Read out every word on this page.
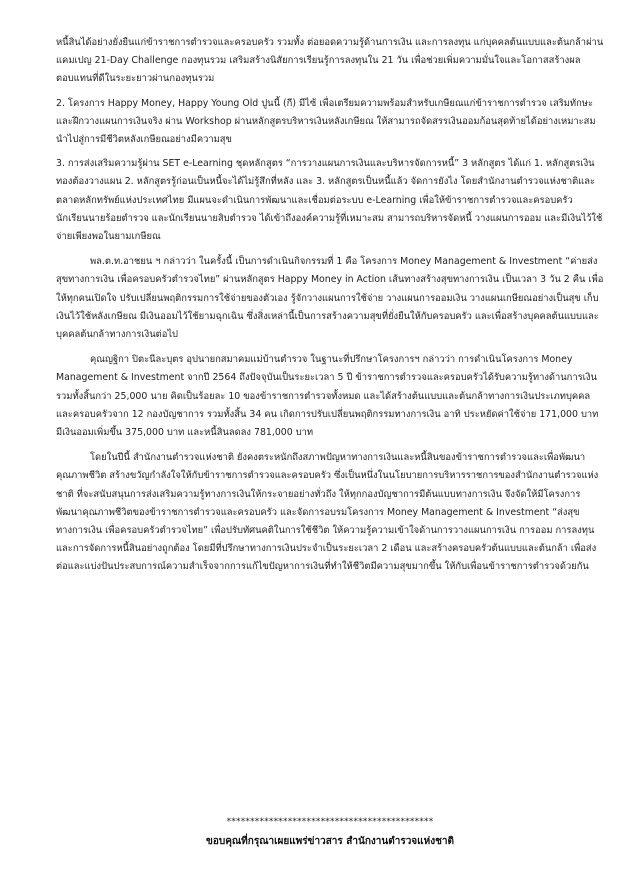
หนี้สินได้อย่างยั่งยืนแก่ข้าราชการตำรวจและครอบครัว รวมทั้ง ต่อยอดความรู้ด้านการเงิน และการลงทุน แก่บุคคลต้นแบบและต้นกล้าผ่านแคมเปญ 21-Day Challenge กองทุนรวม เสริมสร้างนิสัยการเรียนรู้การลงทุนใน 21 วัน เพื่อช่วยเพิ่มความมั่นใจและโอกาสสร้างผลตอบแทนที่ดีในระยะยาวผ่านกองทุนรวม

2. โครงการ Happy Money, Happy Young Old ปูนนี้ (กี) มีไซ้ เพื่อเตรียมความพร้อมสำหรับเกษียณแก่ข้าราชการตำรวจ เสริมทักษะและฝึกวางแผนการเงินจริง ผ่าน Workshop ผ่านหลักสูตรบริหารเงินหลังเกษียณ ให้สามารถจัดสรรเงินออมก้อนสุดท้ายได้อย่างเหมาะสม นำไปสู่การมีชีวิตหลังเกษียณอย่างมีความสุข

3. การส่งเสริมความรู้ผ่าน SET e-Learning ชุดหลักสูตร “การวางแผนการเงินและบริหารจัดการหนี้” 3 หลักสูตร ได้แก่ 1. หลักสูตรเงินทองต้องวางแผน 2. หลักสูตรรู้ก่อนเป็นหนี้จะได้ไม่รู้สึกที่หลัง และ 3. หลักสูตรเป็นหนี้แล้ว จัดการยังไง โดยสำนักงานตำรวจแห่งชาติและตลาดหลักทรัพย์แห่งประเทศไทย มีแผนจะดำเนินการพัฒนาและเชื่อมต่อระบบ e-Learning เพื่อให้ข้าราชการตำรวจและครอบครัว นักเรียนนายร้อยตำรวจ และนักเรียนนายสิบตำรวจ ได้เข้าถึงองค์ความรู้ที่เหมาะสม สามารถบริหารจัดหนี้ วางแผนการออม และมีเงินไว้ใช้จ่ายเพียงพอในยามเกษียณ

พล.ต.ท.อาชยน ฯ กล่าวว่า ในครั้งนี้ เป็นการดำเนินกิจกรรมที่ 1 คือ โครงการ Money Management & Investment “ค่ายส่งสุขทางการเงิน เพื่อครอบครัวตำรวจไทย” ผ่านหลักสูตร Happy Money in Action เส้นทางสร้างสุขทางการเงิน เป็นเวลา 3 วัน 2 คืน เพื่อให้ทุกคนเปิดใจ ปรับเปลี่ยนพฤติกรรมการใช้จ่ายของตัวเอง รู้จักวางแผนการใช้จ่าย วางแผนการออมเงิน วางแผนเกษียณอย่างเป็นสุข เก็บเงินไว้ใช้หลังเกษียณ มีเงินออมไว้ใช้ยามฉุกเฉิน ซึ่งสิ่งเหล่านี้เป็นการสร้างความสุขที่ยั่งยืนให้กับครอบครัว และเพื่อสร้างบุคคลต้นแบบและบุคคลต้นกล้าทางการเงินต่อไป

คุณญฐิกา ปิตะนีละบุตร อุปนายกสมาคมแม่บ้านตำรวจ ในฐานะที่ปรึกษาโครงการฯ กล่าวว่า การดำเนินโครงการ Money Management & Investment จากปี 2564 ถึงปัจจุบันเป็นระยะเวลา 5 ปี ข้าราชการตำรวจและครอบครัวได้รับความรู้ทางด้านการเงินรวมทั้งสิ้นกว่า 25,000 นาย คิดเป็นร้อยละ 10 ของข้าราชการตำรวจทั้งหมด และได้สร้างต้นแบบและต้นกล้าทางการเงินประเภทบุคคลและครอบครัวจาก 12 กองบัญชาการ รวมทั้งสิ้น 34 คน เกิดการปรับเปลี่ยนพฤติกรรมทางการเงิน อาทิ ประหยัดค่าใช้จ่าย 171,000 บาท มีเงินออมเพิ่มขึ้น 375,000 บาท และหนี้สินลดลง 781,000 บาท

โดยในปีนี้ สำนักงานตำรวจแห่งชาติ ยังคงตระหนักถึงสภาพปัญหาทางการเงินและหนี้สินของข้าราชการตำรวจและเพื่อพัฒนาคุณภาพชีวิต สร้างขวัญกำลังใจให้กับข้าราชการตำรวจและครอบครัว ซึ่งเป็นหนึ่งในนโยบายการบริหารราชการของสำนักงานตำรวจแห่งชาติ ที่จะสนับสนุนการส่งเสริมความรู้ทางการเงินให้กระจายอย่างทั่วถึง ให้ทุกกองบัญชาการมีต้นแบบทางการเงิน จึงจัดให้มีโครงการพัฒนาคุณภาพชีวิตของข้าราชการตำรวจและครอบครัว และจัดการอบรมโครงการ Money Management & Investment “ส่งสุขทางการเงิน เพื่อครอบครัวตำรวจไทย” เพื่อปรับทัศนคติในการใช้ชีวิต ให้ความรู้ความเข้าใจด้านการวางแผนการเงิน การออม การลงทุน และการจัดการหนี้สินอย่างถูกต้อง โดยมีที่ปรึกษาทางการเงินประจำเป็นระยะเวลา 2 เดือน และสร้างครอบครัวต้นแบบและต้นกล้า เพื่อส่งต่อและแบ่งปันประสบการณ์ความสำเร็จจากการแก้ไขปัญหาการเงินที่ทำให้ชีวิตมีความสุขมากขึ้น ให้กับเพื่อนข้าราชการตำรวจด้วยกัน

********************************************
ขอบคุณที่กรุณาเผยแพร่ข่าวสาร สำนักงานตำรวจแห่งชาติ
